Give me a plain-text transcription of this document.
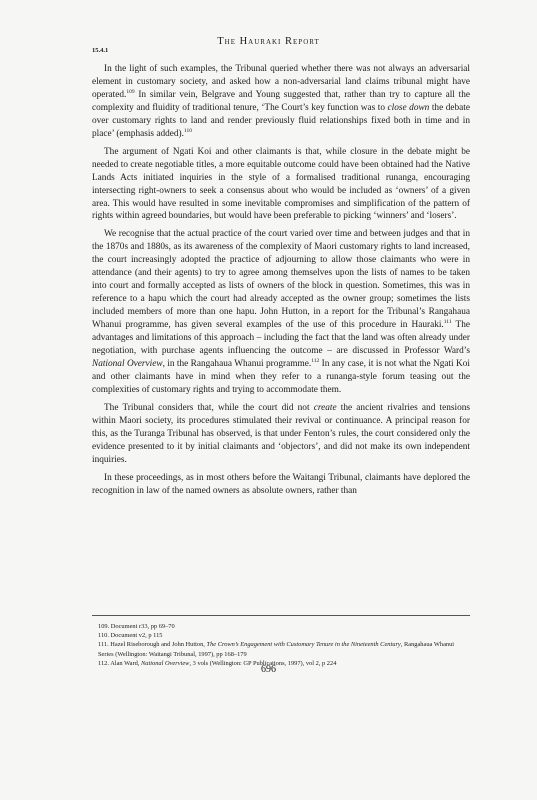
The Hauraki Report
15.4.1

In the light of such examples, the Tribunal queried whether there was not always an adversarial element in customary society, and asked how a non-adversarial land claims tribunal might have operated.$^{109}$ In similar vein, Belgrave and Young suggested that, rather than try to capture all the complexity and fluidity of traditional tenure, ‘The Court’s key function was to close down the debate over customary rights to land and render previously fluid relationships fixed both in time and in place’ (emphasis added).$^{110}$

The argument of Ngati Koi and other claimants is that, while closure in the debate might be needed to create negotiable titles, a more equitable outcome could have been obtained had the Native Lands Acts initiated inquiries in the style of a formalised traditional runanga, encouraging intersecting right-owners to seek a consensus about who would be included as ‘owners’ of a given area. This would have resulted in some inevitable compromises and simplification of the pattern of rights within agreed boundaries, but would have been preferable to picking ‘winners’ and ‘losers’.

We recognise that the actual practice of the court varied over time and between judges and that in the 1870s and 1880s, as its awareness of the complexity of Maori customary rights to land increased, the court increasingly adopted the practice of adjourning to allow those claimants who were in attendance (and their agents) to try to agree among themselves upon the lists of names to be taken into court and formally accepted as lists of owners of the block in question. Sometimes, this was in reference to a hapu which the court had already accepted as the owner group; sometimes the lists included members of more than one hapu. John Hutton, in a report for the Tribunal’s Rangahaua Whanui programme, has given several examples of the use of this procedure in Hauraki.$^{111}$ The advantages and limitations of this approach – including the fact that the land was often already under negotiation, with purchase agents influencing the outcome – are discussed in Professor Ward’s National Overview, in the Rangahaua Whanui programme.$^{112}$ In any case, it is not what the Ngati Koi and other claimants have in mind when they refer to a runanga-style forum teasing out the complexities of customary rights and trying to accommodate them.

The Tribunal considers that, while the court did not create the ancient rivalries and tensions within Maori society, its procedures stimulated their revival or continuance. A principal reason for this, as the Turanga Tribunal has observed, is that under Fenton’s rules, the court considered only the evidence presented to it by initial claimants and ‘objectors’, and did not make its own independent inquiries.

In these proceedings, as in most others before the Waitangi Tribunal, claimants have deplored the recognition in law of the named owners as absolute owners, rather than

109. Document r33, pp 69–70
110. Document v2, p 115
111. Hazel Riseborough and John Hutton, The Crown’s Engagement with Customary Tenure in the Nineteenth Century, Rangahaua Whanui Series (Wellington: Waitangi Tribunal, 1997), pp 168–179
112. Alan Ward, National Overview, 3 vols (Wellington: GP Publications, 1997), vol 2, p 224
696
